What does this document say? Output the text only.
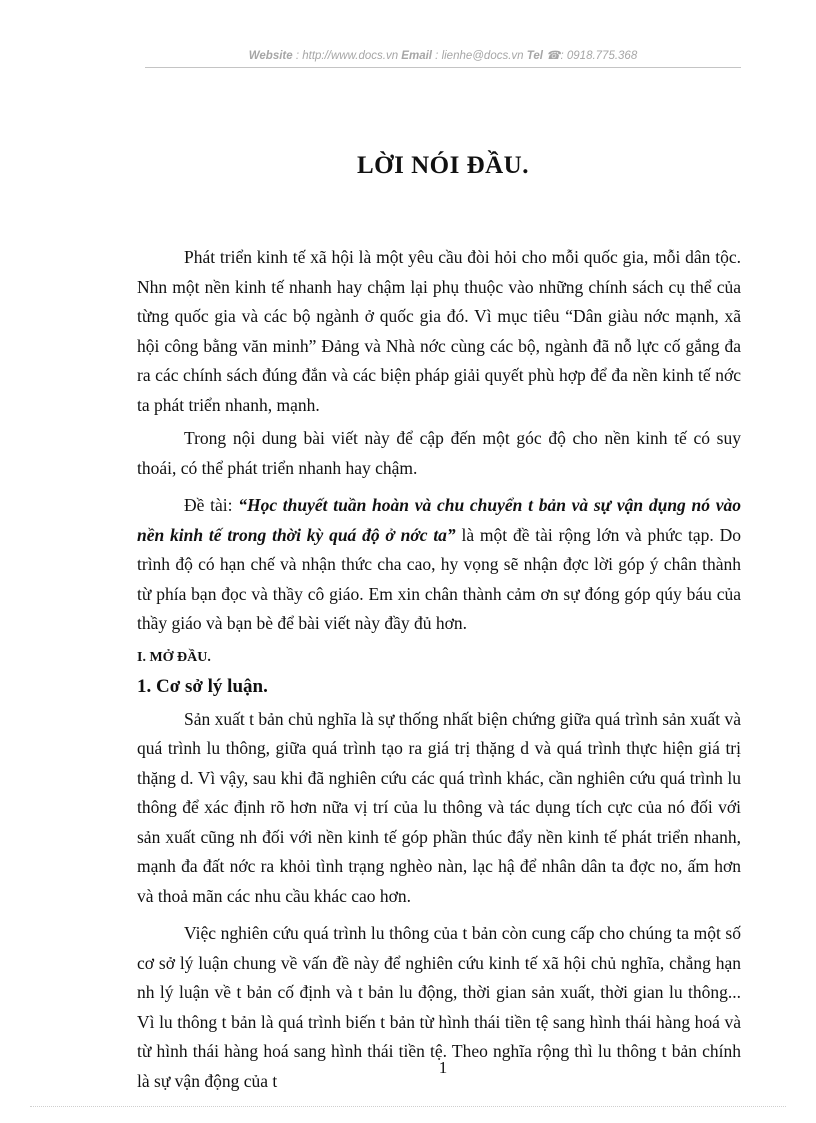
Website : http://www.docs.vn Email : lienhe@docs.vn Tel ☎: 0918.775.368
LỜI NÓI ĐẦU.

Phát triển kinh tế xã hội là một yêu cầu đòi hỏi cho mỗi quốc gia, mỗi dân tộc. Nhn một nền kinh tế nhanh hay chậm lại phụ thuộc vào những chính sách cụ thể của từng quốc gia và các bộ ngành ở quốc gia đó. Vì mục tiêu “Dân giàu nớc mạnh, xã hội công bằng văn minh” Đảng và Nhà nớc cùng các bộ, ngành đã nỗ lực cố gắng đa ra các chính sách đúng đắn và các biện pháp giải quyết phù hợp để đa nền kinh tế nớc ta phát triển nhanh, mạnh.

Trong nội dung bài viết này để cập đến một góc độ cho nền kinh tế có suy thoái, có thể phát triển nhanh hay chậm.

Đề tài: “Học thuyết tuần hoàn và chu chuyển t bản và sự vận dụng nó vào nền kinh tế trong thời kỳ quá độ ở nớc ta” là một đề tài rộng lớn và phức tạp. Do trình độ có hạn chế và nhận thức cha cao, hy vọng sẽ nhận đợc lời góp ý chân thành từ phía bạn đọc và thầy cô giáo. Em xin chân thành cảm ơn sự đóng góp qúy báu của thầy giáo và bạn bè để bài viết này đầy đủ hơn.

I. MỞ ĐẦU.

1. Cơ sở lý luận.

Sản xuất t bản chủ nghĩa là sự thống nhất biện chứng giữa quá trình sản xuất và quá trình lu thông, giữa quá trình tạo ra giá trị thặng d và quá trình thực hiện giá trị thặng d. Vì vậy, sau khi đã nghiên cứu các quá trình khác, cần nghiên cứu quá trình lu thông để xác định rõ hơn nữa vị trí của lu thông và tác dụng tích cực của nó đối với sản xuất cũng nh đối với nền kinh tế góp phần thúc đẩy nền kinh tế phát triển nhanh, mạnh đa đất nớc ra khỏi tình trạng nghèo nàn, lạc hậ để nhân dân ta đợc no, ấm hơn và thoả mãn các nhu cầu khác cao hơn.

Việc nghiên cứu quá trình lu thông của t bản còn cung cấp cho chúng ta một số cơ sở lý luận chung về vấn đề này để nghiên cứu kinh tế xã hội chủ nghĩa, chẳng hạn nh lý luận về t bản cố định và t bản lu động, thời gian sản xuất, thời gian lu thông... Vì lu thông t bản là quá trình biến t bản từ hình thái tiền tệ sang hình thái hàng hoá và từ hình thái hàng hoá sang hình thái tiền tệ. Theo nghĩa rộng thì lu thông t bản chính là sự vận động của t

1
